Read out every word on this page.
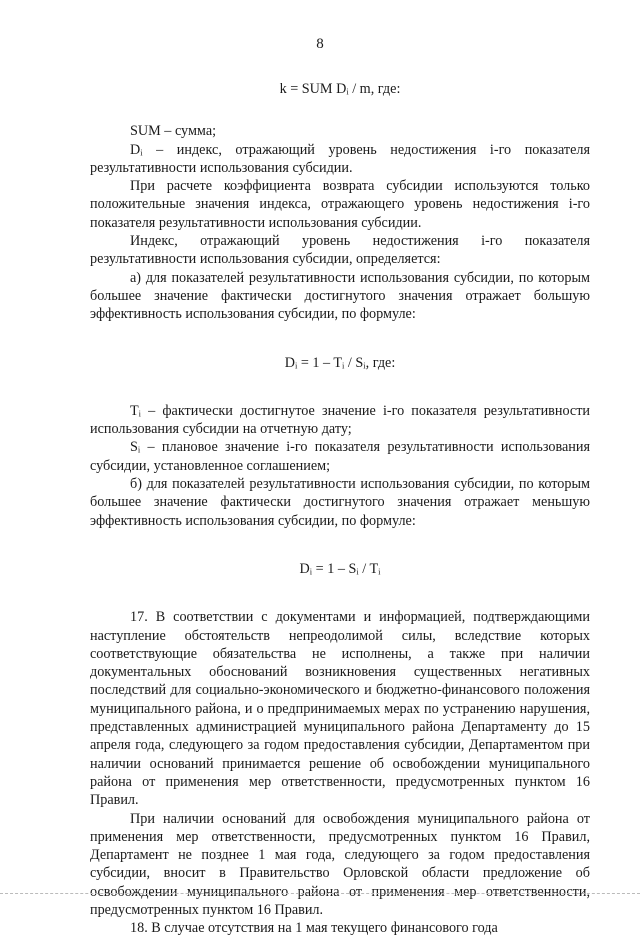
8

k = SUM Dᵢ / m, где:

SUM – сумма;

Dᵢ – индекс, отражающий уровень недостижения i-го показателя результативности использования субсидии.

При расчете коэффициента возврата субсидии используются только положительные значения индекса, отражающего уровень недостижения i-го показателя результативности использования субсидии.

Индекс, отражающий уровень недостижения i-го показателя результативности использования субсидии, определяется:

а) для показателей результативности использования субсидии, по которым большее значение фактически достигнутого значения отражает большую эффективность использования субсидии, по формуле:

Dᵢ = 1 – Tᵢ / Sᵢ, где:

Tᵢ – фактически достигнутое значение i-го показателя результативности использования субсидии на отчетную дату;

Sᵢ – плановое значение i-го показателя результативности использования субсидии, установленное соглашением;

б) для показателей результативности использования субсидии, по которым большее значение фактически достигнутого значения отражает меньшую эффективность использования субсидии, по формуле:

Dᵢ = 1 – Sᵢ / Tᵢ

17. В соответствии с документами и информацией, подтверждающими наступление обстоятельств непреодолимой силы, вследствие которых соответствующие обязательства не исполнены, а также при наличии документальных обоснований возникновения существенных негативных последствий для социально-экономического и бюджетно-финансового положения муниципального района, и о предпринимаемых мерах по устранению нарушения, представленных администрацией муниципального района Департаменту до 15 апреля года, следующего за годом предоставления субсидии, Департаментом при наличии оснований принимается решение об освобождении муниципального района от применения мер ответственности, предусмотренных пунктом 16 Правил.

При наличии оснований для освобождения муниципального района от применения мер ответственности, предусмотренных пунктом 16 Правил, Департамент не позднее 1 мая года, следующего за годом предоставления субсидии, вносит в Правительство Орловской области предложение об освобождении муниципального района от применения мер ответственности, предусмотренных пунктом 16 Правил.

18. В случае отсутствия на 1 мая текущего финансового года
